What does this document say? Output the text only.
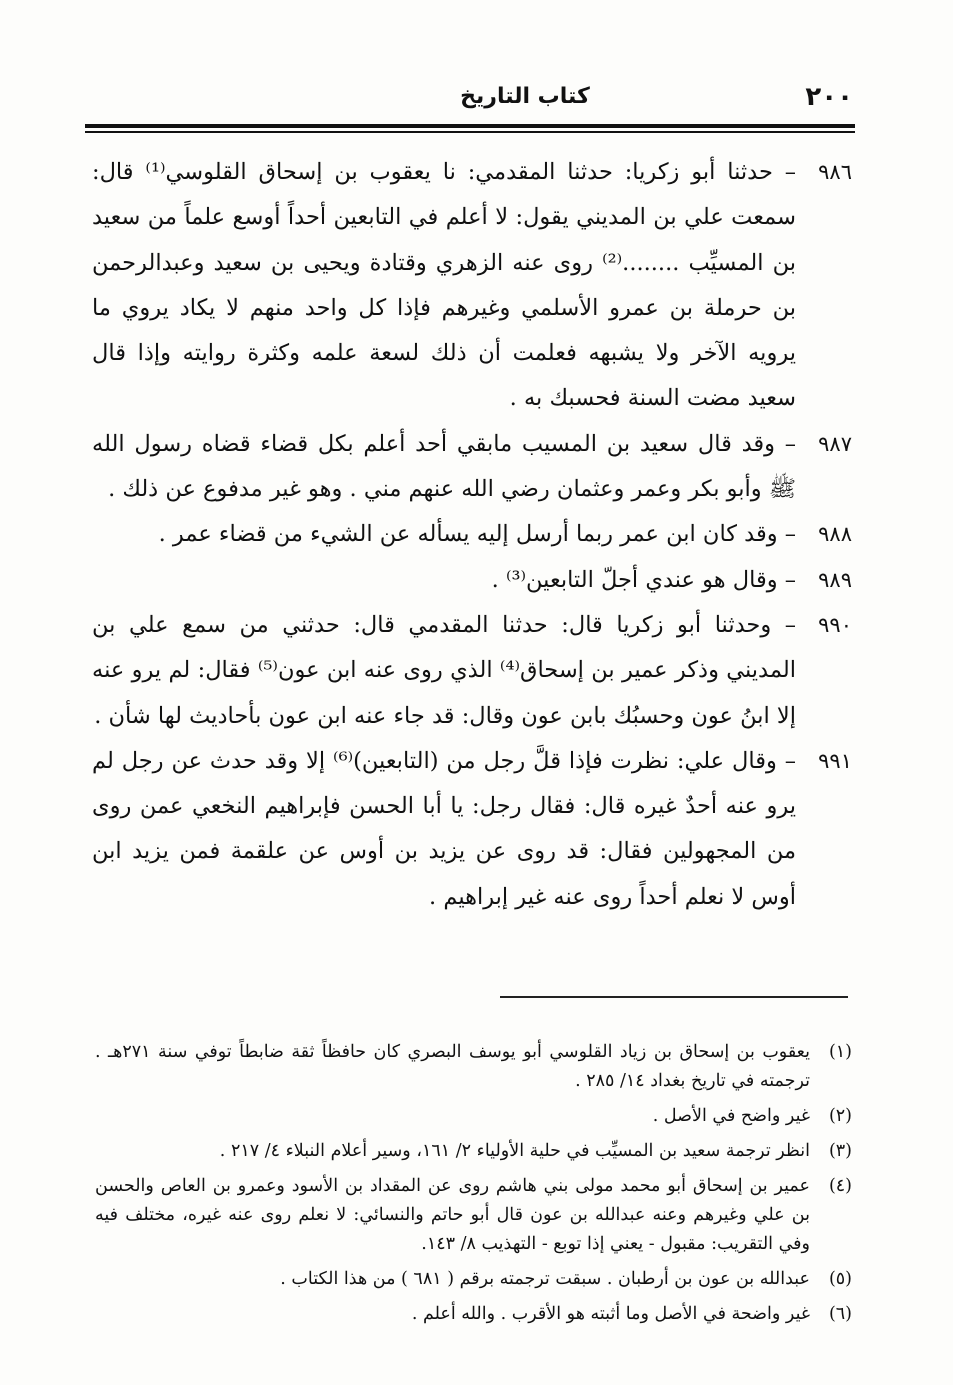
٢٠٠
كتاب التاريخ
٩٨٦
– حدثنا أبو زكريا: حدثنا المقدمي: نا يعقوب بن إسحاق القلوسي⁽¹⁾ قال: سمعت علي بن المديني يقول: لا أعلم في التابعين أحداً أوسع علماً من سعيد بن المسيِّب ........⁽²⁾ روى عنه الزهري وقتادة ويحيى بن سعيد وعبدالرحمن بن حرملة بن عمرو الأسلمي وغيرهم فإذا كل واحد منهم لا يكاد يروي ما يرويه الآخر ولا يشبهه فعلمت أن ذلك لسعة علمه وكثرة روايته وإذا قال سعيد مضت السنة فحسبك به .
٩٨٧
– وقد قال سعيد بن المسيب مابقي أحد أعلم بكل قضاء قضاه رسول الله ﷺ وأبو بكر وعمر وعثمان رضي الله عنهم مني . وهو غير مدفوع عن ذلك .
٩٨٨
– وقد كان ابن عمر ربما أرسل إليه يسأله عن الشيء من قضاء عمر .
٩٨٩
– وقال هو عندي أجلّ التابعين⁽³⁾ .
٩٩٠
– وحدثنا أبو زكريا قال: حدثنا المقدمي قال: حدثني من سمع علي بن المديني وذكر عمير بن إسحاق⁽⁴⁾ الذي روى عنه ابن عون⁽⁵⁾ فقال: لم يرو عنه إلا ابنُ عون وحسبُك بابن عون وقال: قد جاء عنه ابن عون بأحاديث لها شأن .
٩٩١
– وقال علي: نظرت فإذا قلَّ رجل من (التابعين)⁽⁶⁾ إلا وقد حدث عن رجل لم يرو عنه أحدٌ غيره قال: فقال رجل: يا أبا الحسن فإبراهيم النخعي عمن روى من المجهولين فقال: قد روى عن يزيد بن أوس عن علقمة فمن يزيد ابن أوس لا نعلم أحداً روى عنه غير إبراهيم .
(١)
يعقوب بن إسحاق بن زياد القلوسي أبو يوسف البصري كان حافظاً ثقة ضابطاً توفي سنة ٢٧١هـ . ترجمته في تاريخ بغداد ١٤/ ٢٨٥ .
(٢)
غير واضح في الأصل .
(٣)
انظر ترجمة سعيد بن المسيِّب في حلية الأولياء ٢/ ١٦١، وسير أعلام النبلاء ٤/ ٢١٧ .
(٤)
عمير بن إسحاق أبو محمد مولى بني هاشم روى عن المقداد بن الأسود وعمرو بن العاص والحسن بن علي وغيرهم وعنه عبدالله بن عون قال أبو حاتم والنسائي: لا نعلم روى عنه غيره، مختلف فيه وفي التقريب: مقبول - يعني إذا توبع - التهذيب ٨/ ١٤٣.
(٥)
عبدالله بن عون بن أرطبان . سبقت ترجمته برقم ( ٦٨١ ) من هذا الكتاب .
(٦)
غير واضحة في الأصل وما أثبته هو الأقرب . والله أعلم .
